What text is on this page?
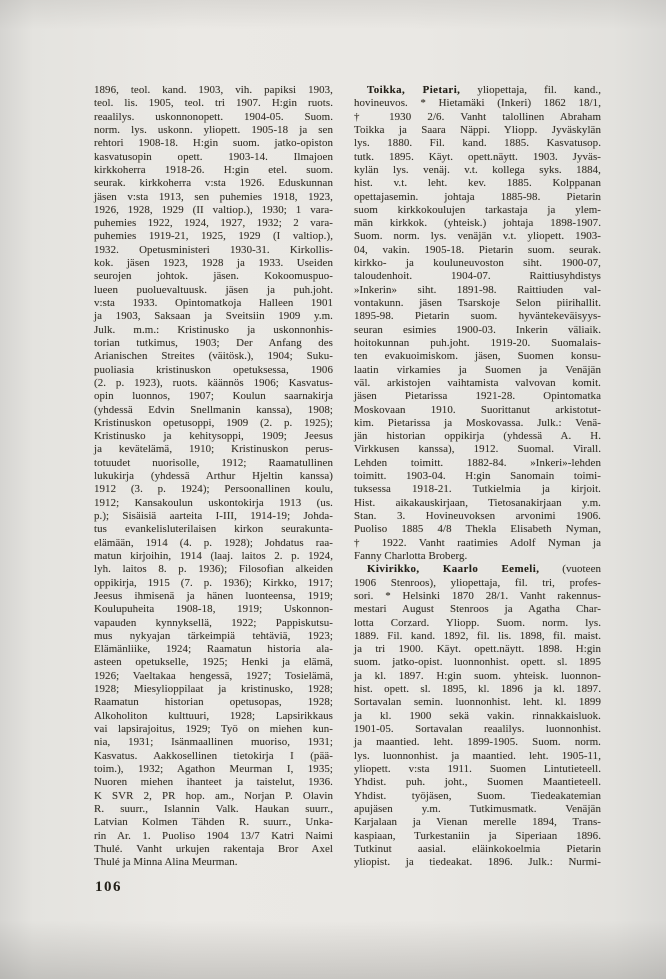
1896, teol. kand. 1903, vih. papiksi 1903,
teol. lis. 1905, teol. tri 1907. H:gin ruots.
reaalilys. uskonnonopett. 1904-05. Suom.
norm. lys. uskonn. yliopett. 1905-18 ja sen
rehtori 1908-18. H:gin suom. jatko-opiston
kasvatusopin opett. 1903-14. Ilmajoen
kirkkoherra 1918-26. H:gin etel. suom.
seurak. kirkkoherra v:sta 1926. Eduskunnan
jäsen v:sta 1913, sen puhemies 1918, 1923,
1926, 1928, 1929 (II valtiop.), 1930; 1 vara-
puhemies 1922, 1924, 1927, 1932; 2 vara-
puhemies 1919-21, 1925, 1929 (I valtiop.),
1932. Opetusministeri 1930-31. Kirkollis-
kok. jäsen 1923, 1928 ja 1933. Useiden
seurojen johtok. jäsen. Kokoomuspuo-
lueen puoluevaltuusk. jäsen ja puh.joht.
v:sta 1933. Opintomatkoja Halleen 1901
ja 1903, Saksaan ja Sveitsiin 1909 y.m.
Julk. m.m.: Kristinusko ja uskonnonhis-
torian tutkimus, 1903; Der Anfang des
Arianischen Streites (väitösk.), 1904; Suku-
puoliasia kristinuskon opetuksessa, 1906
(2. p. 1923), ruots. käännös 1906; Kasvatus-
opin luonnos, 1907; Koulun saarnakirja
(yhdessä Edvin Snellmanin kanssa), 1908;
Kristinuskon opetusoppi, 1909 (2. p. 1925);
Kristinusko ja kehitysoppi, 1909; Jeesus
ja kevätelämä, 1910; Kristinuskon perus-
totuudet nuorisolle, 1912; Raamatullinen
lukukirja (yhdessä Arthur Hjeltin kanssa)
1912 (3. p. 1924); Persoonallinen koulu,
1912; Kansakoulun uskontokirja 1913 (us.
p.); Sisäisiä aarteita I-III, 1914-19; Johda-
tus evankelisluterilaisen kirkon seurakunta-
elämään, 1914 (4. p. 1928); Johdatus raa-
matun kirjoihin, 1914 (laaj. laitos 2. p. 1924,
lyh. laitos 8. p. 1936); Filosofian alkeiden
oppikirja, 1915 (7. p. 1936); Kirkko, 1917;
Jeesus ihmisenä ja hänen luonteensa, 1919;
Koulupuheita 1908-18, 1919; Uskonnon-
vapauden kynnyksellä, 1922; Pappiskutsu-
mus nykyajan tärkeimpiä tehtäviä, 1923;
Elämänliike, 1924; Raamatun historia ala-
asteen opetukselle, 1925; Henki ja elämä,
1926; Vaeltakaa hengessä, 1927; Tosielämä,
1928; Miesylioppilaat ja kristinusko, 1928;
Raamatun historian opetusopas, 1928;
Alkoholiton kulttuuri, 1928; Lapsirikkaus
vai lapsirajoitus, 1929; Työ on miehen kun-
nia, 1931; Isänmaallinen muoriso, 1931;
Kasvatus. Aakkosellinen tietokirja I (pää-
toim.), 1932; Agathon Meurman I, 1935;
Nuoren miehen ihanteet ja taistelut, 1936.
K SVR 2, PR hop. am., Norjan P. Olavin
R. suurr., Islannin Valk. Haukan suurr.,
Latvian Kolmen Tähden R. suurr., Unka-
rin Ar. 1. Puoliso 1904 13/7 Katri Naimi
Thulé. Vanht urkujen rakentaja Bror Axel
Thulé ja Minna Alina Meurman.
Toikka, Pietari, yliopettaja, fil. kand.,
hovineuvos. * Hietamäki (Inkeri) 1862 18/1,
† 1930 2/6. Vanht talollinen Abraham
Toikka ja Saara Näppi. Yliopp. Jyväskylän
lys. 1880. Fil. kand. 1885. Kasvatusop.
tutk. 1895. Käyt. opett.näytt. 1903. Jyväs-
kylän lys. venäj. v.t. kollega syks. 1884,
hist. v.t. leht. kev. 1885. Kolppanan
opettajasemin. johtaja 1885-98. Pietarin
suom kirkkokoulujen tarkastaja ja ylem-
män kirkkok. (yhteisk.) johtaja 1898-1907.
Suom. norm. lys. venäjän v.t. yliopett. 1903-
04, vakin. 1905-18. Pietarin suom. seurak.
kirkko- ja kouluneuvoston siht. 1900-07,
taloudenhoit. 1904-07. Raittiusyhdistys
»Inkerin» siht. 1891-98. Raittiuden val-
vontakunn. jäsen Tsarskoje Selon piirihallit.
1895-98. Pietarin suom. hyväntekeväisyys-
seuran esimies 1900-03. Inkerin väliaik.
hoitokunnan puh.joht. 1919-20. Suomalais-
ten evakuoimiskom. jäsen, Suomen konsu-
laatin virkamies ja Suomen ja Venäjän
väl. arkistojen vaihtamista valvovan komit.
jäsen Pietarissa 1921-28. Opintomatka
Moskovaan 1910. Suorittanut arkistotut-
kim. Pietarissa ja Moskovassa. Julk.: Venä-
jän historian oppikirja (yhdessä A. H.
Virkkusen kanssa), 1912. Suomal. Virall.
Lehden toimitt. 1882-84. »Inkeri»-lehden
toimitt. 1903-04. H:gin Sanomain toimi-
tuksessa 1918-21. Tutkielmia ja kirjoit.
Hist. aikakauskirjaan, Tietosanakirjaan y.m.
Stan. 3. Hovineuvoksen arvonimi 1906.
Puoliso 1885 4/8 Thekla Elisabeth Nyman,
† 1922. Vanht raatimies Adolf Nyman ja
Fanny Charlotta Broberg.
Kivirikko, Kaarlo Eemeli, (vuoteen
1906 Stenroos), yliopettaja, fil. tri, profes-
sori. * Helsinki 1870 28/1. Vanht rakennus-
mestari August Stenroos ja Agatha Char-
lotta Corzard. Yliopp. Suom. norm. lys.
1889. Fil. kand. 1892, fil. lis. 1898, fil. maist.
ja tri 1900. Käyt. opett.näytt. 1898. H:gin
suom. jatko-opist. luonnonhist. opett. sl. 1895
ja kl. 1897. H:gin suom. yhteisk. luonnon-
hist. opett. sl. 1895, kl. 1896 ja kl. 1897.
Sortavalan semin. luonnonhist. leht. kl. 1899
ja kl. 1900 sekä vakin. rinnakkaisluok.
1901-05. Sortavalan reaalilys. luonnonhist.
ja maantied. leht. 1899-1905. Suom. norm.
lys. luonnonhist. ja maantied. leht. 1905-11,
yliopett. v:sta 1911. Suomen Lintutieteell.
Yhdist. puh. joht., Suomen Maantieteell.
Yhdist. työjäsen, Suom. Tiedeakatemian
apujäsen y.m. Tutkimusmatk. Venäjän
Karjalaan ja Vienan merelle 1894, Trans-
kaspiaan, Turkestaniin ja Siperiaan 1896.
Tutkinut aasial. eläinkokoelmia Pietarin
yliopist. ja tiedeakat. 1896. Julk.: Nurmi-
106
